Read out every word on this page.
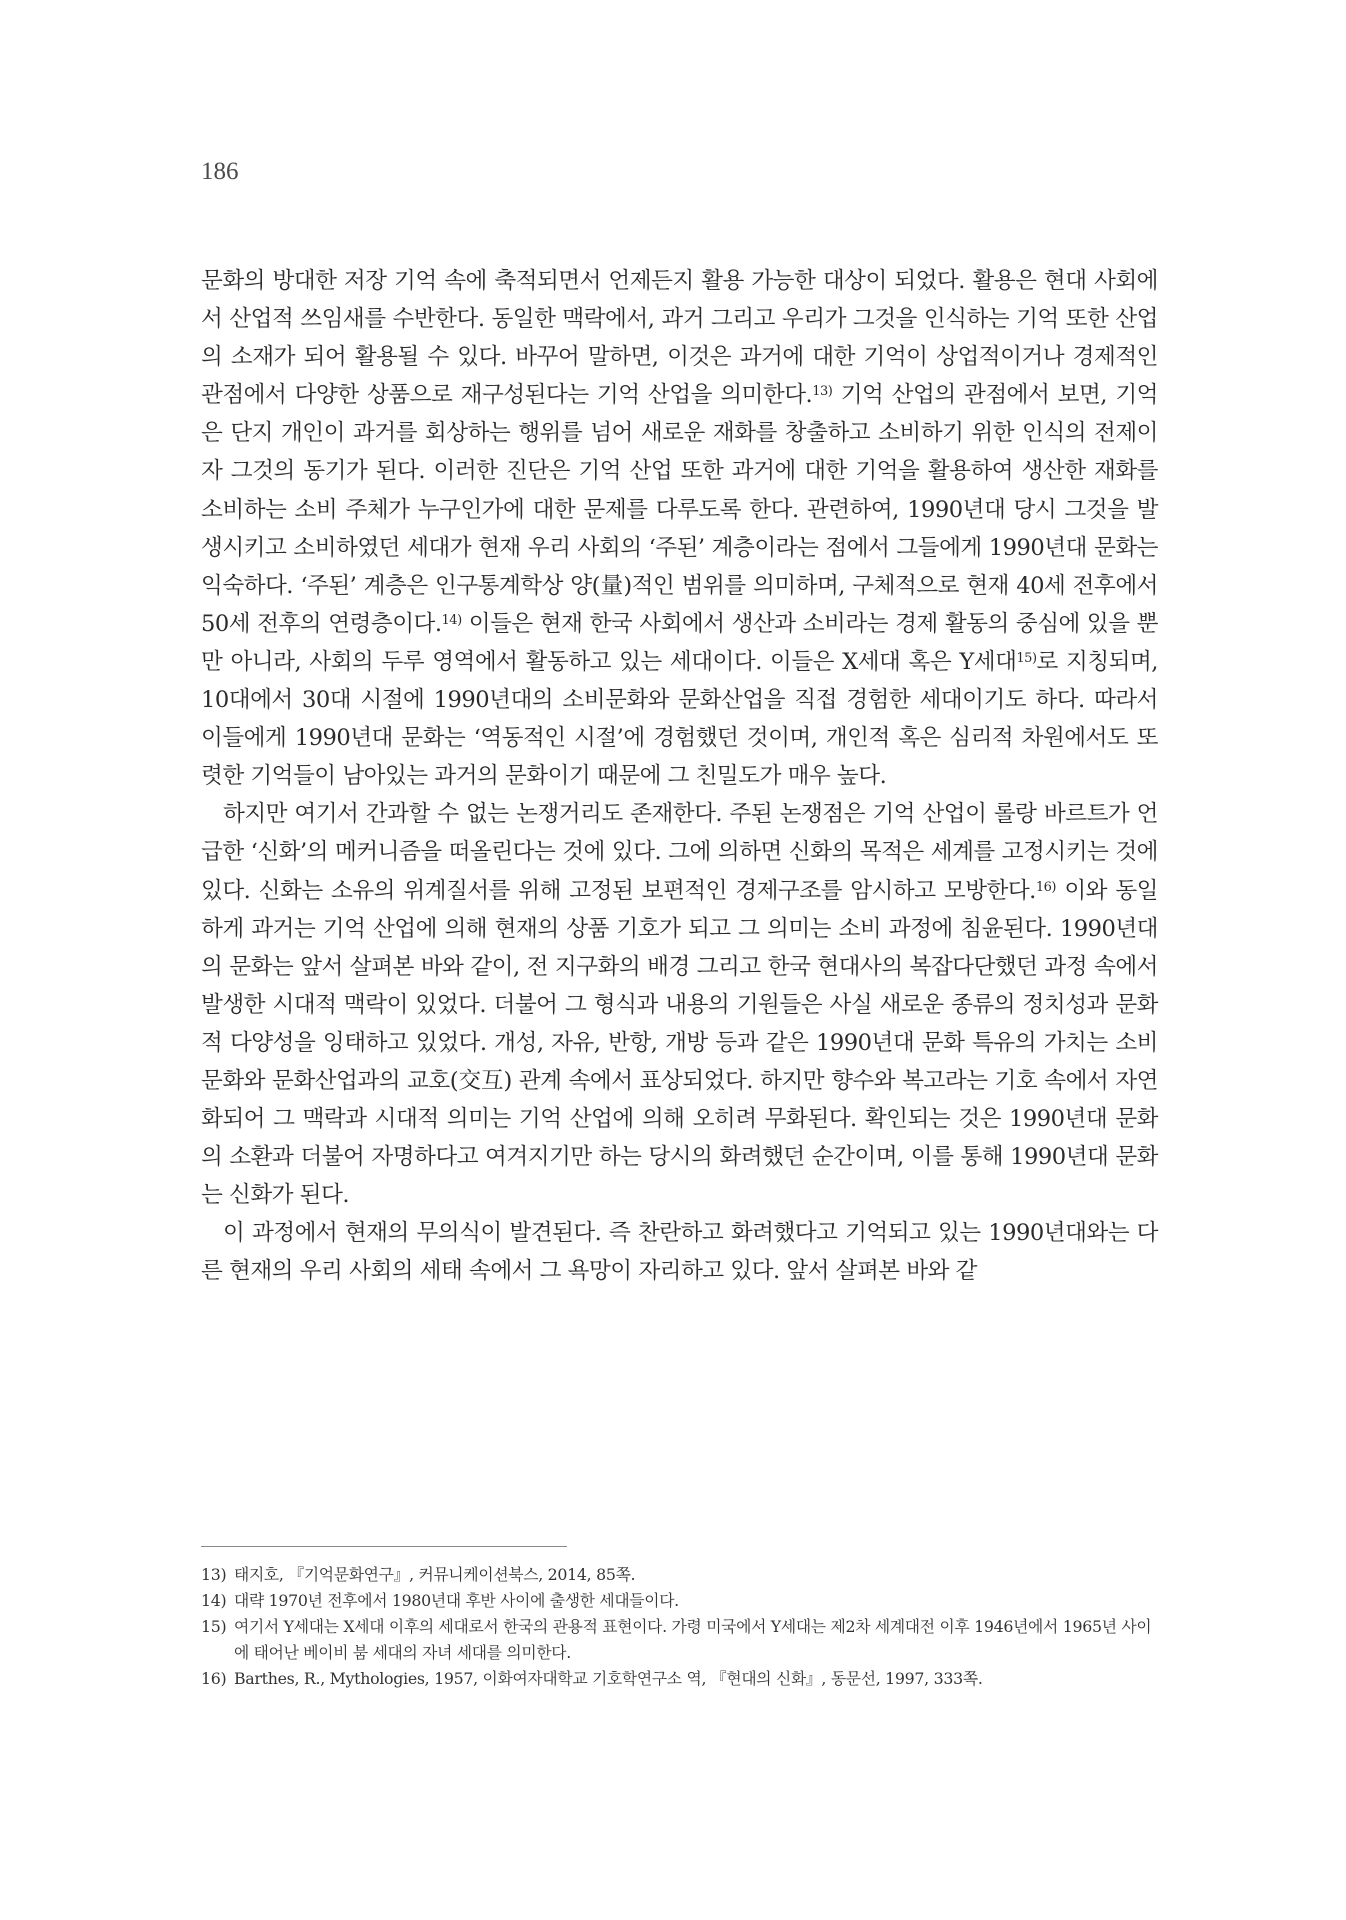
186

문화의 방대한 저장 기억 속에 축적되면서 언제든지 활용 가능한 대상이 되었다. 활용은 현대 사회에서 산업적 쓰임새를 수반한다. 동일한 맥락에서, 과거 그리고 우리가 그것을 인식하는 기억 또한 산업의 소재가 되어 활용될 수 있다. 바꾸어 말하면, 이것은 과거에 대한 기억이 상업적이거나 경제적인 관점에서 다양한 상품으로 재구성된다는 기억 산업을 의미한다.$^{13)}$ 기억 산업의 관점에서 보면, 기억은 단지 개인이 과거를 회상하는 행위를 넘어 새로운 재화를 창출하고 소비하기 위한 인식의 전제이자 그것의 동기가 된다. 이러한 진단은 기억 산업 또한 과거에 대한 기억을 활용하여 생산한 재화를 소비하는 소비 주체가 누구인가에 대한 문제를 다루도록 한다. 관련하여, 1990년대 당시 그것을 발생시키고 소비하였던 세대가 현재 우리 사회의 ‘주된’ 계층이라는 점에서 그들에게 1990년대 문화는 익숙하다. ‘주된’ 계층은 인구통계학상 양(量)적인 범위를 의미하며, 구체적으로 현재 40세 전후에서 50세 전후의 연령층이다.$^{14)}$ 이들은 현재 한국 사회에서 생산과 소비라는 경제 활동의 중심에 있을 뿐만 아니라, 사회의 두루 영역에서 활동하고 있는 세대이다. 이들은 X세대 혹은 Y세대$^{15)}$로 지칭되며, 10대에서 30대 시절에 1990년대의 소비문화와 문화산업을 직접 경험한 세대이기도 하다. 따라서 이들에게 1990년대 문화는 ‘역동적인 시절’에 경험했던 것이며, 개인적 혹은 심리적 차원에서도 또렷한 기억들이 남아있는 과거의 문화이기 때문에 그 친밀도가 매우 높다.

하지만 여기서 간과할 수 없는 논쟁거리도 존재한다. 주된 논쟁점은 기억 산업이 롤랑 바르트가 언급한 ‘신화’의 메커니즘을 떠올린다는 것에 있다. 그에 의하면 신화의 목적은 세계를 고정시키는 것에 있다. 신화는 소유의 위계질서를 위해 고정된 보편적인 경제구조를 암시하고 모방한다.$^{16)}$ 이와 동일하게 과거는 기억 산업에 의해 현재의 상품 기호가 되고 그 의미는 소비 과정에 침윤된다. 1990년대의 문화는 앞서 살펴본 바와 같이, 전 지구화의 배경 그리고 한국 현대사의 복잡다단했던 과정 속에서 발생한 시대적 맥락이 있었다. 더불어 그 형식과 내용의 기원들은 사실 새로운 종류의 정치성과 문화적 다양성을 잉태하고 있었다. 개성, 자유, 반항, 개방 등과 같은 1990년대 문화 특유의 가치는 소비문화와 문화산업과의 교호(交互) 관계 속에서 표상되었다. 하지만 향수와 복고라는 기호 속에서 자연화되어 그 맥락과 시대적 의미는 기억 산업에 의해 오히려 무화된다. 확인되는 것은 1990년대 문화의 소환과 더불어 자명하다고 여겨지기만 하는 당시의 화려했던 순간이며, 이를 통해 1990년대 문화는 신화가 된다.

이 과정에서 현재의 무의식이 발견된다. 즉 찬란하고 화려했다고 기억되고 있는 1990년대와는 다른 현재의 우리 사회의 세태 속에서 그 욕망이 자리하고 있다. 앞서 살펴본 바와 같

13) 태지호, 『기억문화연구』, 커뮤니케이션북스, 2014, 85쪽.
14) 대략 1970년 전후에서 1980년대 후반 사이에 출생한 세대들이다.
15) 여기서 Y세대는 X세대 이후의 세대로서 한국의 관용적 표현이다. 가령 미국에서 Y세대는 제2차 세계대전 이후 1946년에서 1965년 사이에 태어난 베이비 붐 세대의 자녀 세대를 의미한다.
16) Barthes, R., Mythologies, 1957, 이화여자대학교 기호학연구소 역, 『현대의 신화』, 동문선, 1997, 333쪽.
